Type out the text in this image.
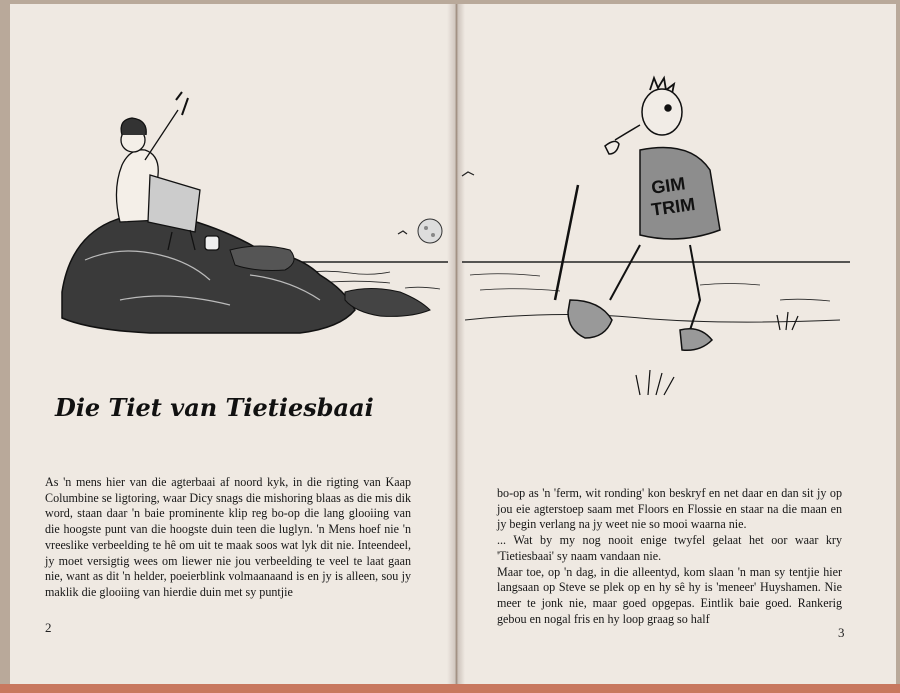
GIM
TRIM
Die Tiet van Tietiesbaai

As 'n mens hier van die agterbaai af noord kyk, in die rigting van Kaap Columbine se ligtoring, waar Dicy snags die mishoring blaas as die mis dik word, staan daar 'n baie prominente klip reg bo-op die lang glooiing van die hoogste punt van die hoogste duin teen die luglyn. 'n Mens hoef nie 'n vreeslike verbeelding te hê om uit te maak soos wat lyk dit nie. Inteendeel, jy moet versigtig wees om liewer nie jou verbeelding te veel te laat gaan nie, want as dit 'n helder, poeierblink volmaanaand is en jy is alleen, sou jy maklik die glooiing van hierdie duin met sy puntjie

bo-op as 'n 'ferm, wit ronding' kon beskryf en net daar en dan sit jy op jou eie agterstoep saam met Floors en Flossie en staar na die maan en jy begin verlang na jy weet nie so mooi waarna nie.

... Wat by my nog nooit enige twyfel gelaat het oor waar kry 'Tietiesbaai' sy naam vandaan nie.

Maar toe, op 'n dag, in die alleentyd, kom slaan 'n man sy tentjie hier langsaan op Steve se plek op en hy sê hy is 'meneer' Huyshamen. Nie meer te jonk nie, maar goed opgepas. Eintlik baie goed. Rankerig gebou en nogal fris en hy loop graag so half

2	3
